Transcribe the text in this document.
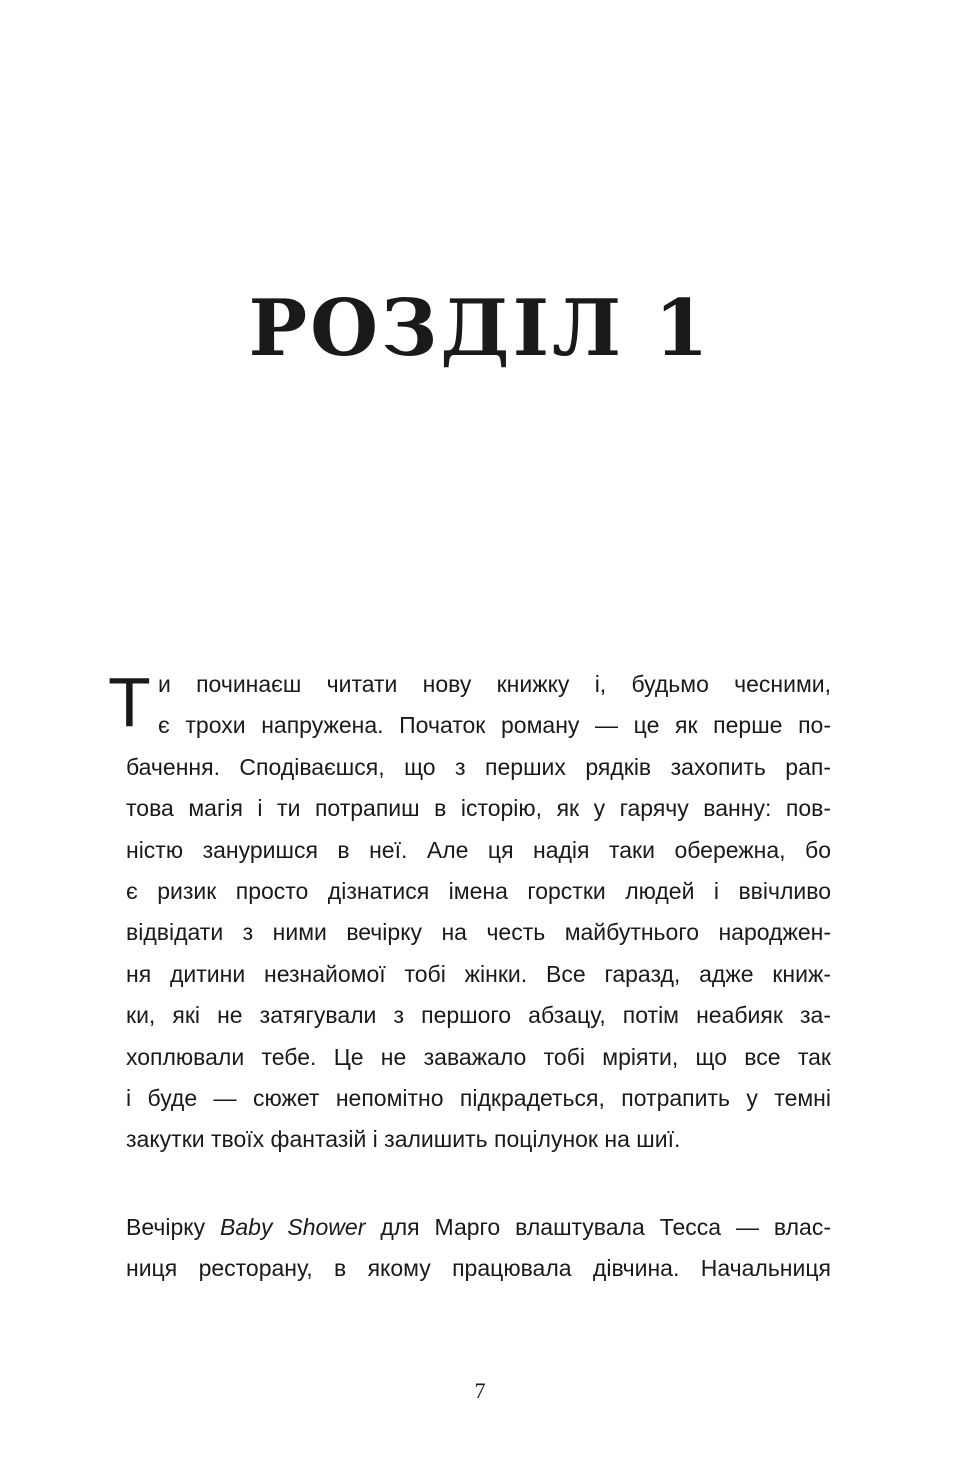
РОЗДІЛ 1
Т и починаєш читати нову книжку і, будьмо чесними,
є трохи напружена. Початок роману — це як перше по-
бачення. Сподіваєшся, що з перших рядків захопить рап-
това магія і ти потрапиш в історію, як у гарячу ванну: пов-
ністю зануришся в неї. Але ця надія таки обережна, бо
є ризик просто дізнатися імена горстки людей і ввічливо
відвідати з ними вечірку на честь майбутнього народжен-
ня дитини незнайомої тобі жінки. Все гаразд, адже книж-
ки, які не затягували з першого абзацу, потім неабияк за-
хоплювали тебе. Це не заважало тобі мріяти, що все так
і буде — сюжет непомітно підкрадеться, потрапить у темні
закутки твоїх фантазій і залишить поцілунок на шиї.
Вечірку Baby Shower для Марго влаштувала Тесса — влас-
ниця ресторану, в якому працювала дівчина. Начальниця
7
